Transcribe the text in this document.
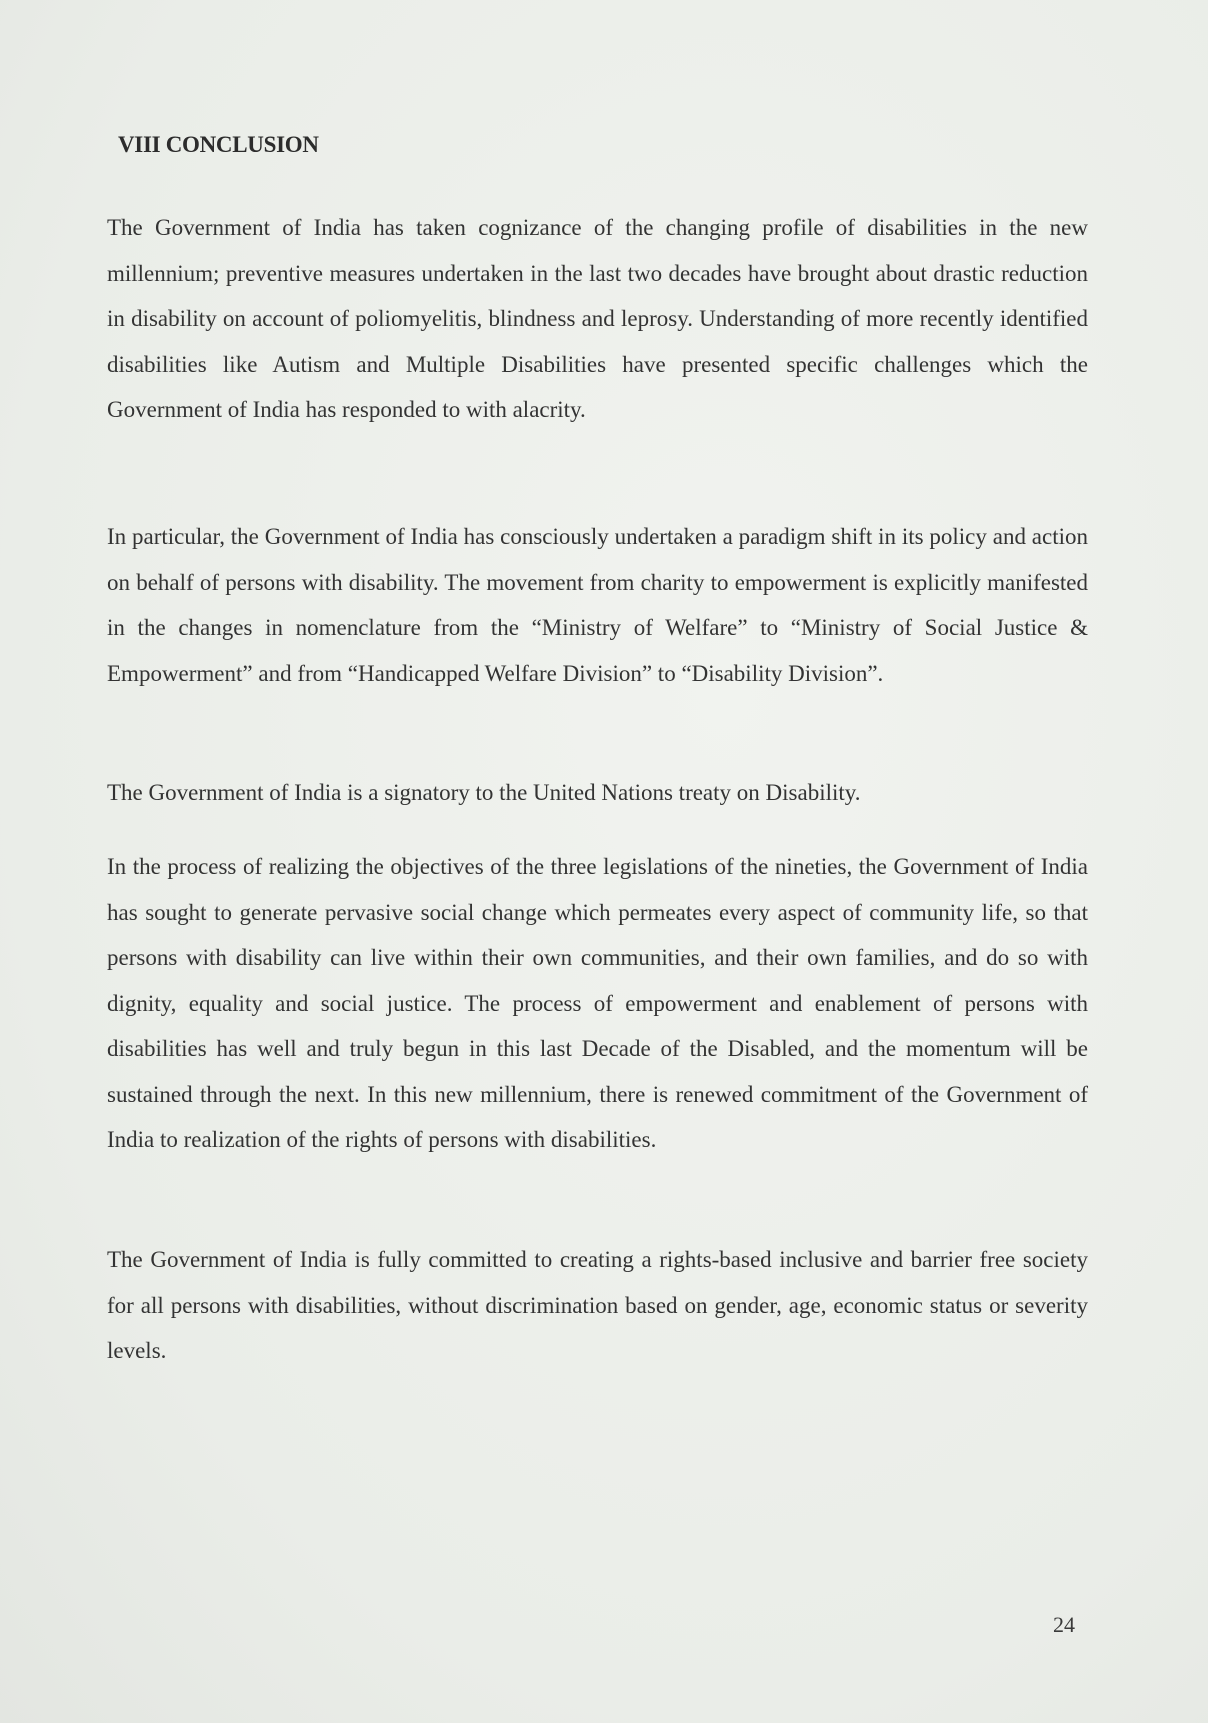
VIII CONCLUSION
The Government of India has taken cognizance of the changing profile of disabilities in the new millennium; preventive measures undertaken in the last two decades have brought about drastic reduction in disability on account of poliomyelitis, blindness and leprosy. Understanding of more recently identified disabilities like Autism and Multiple Disabilities have presented specific challenges which the Government of India has responded to with alacrity.
In particular, the Government of India has consciously undertaken a paradigm shift in its policy and action on behalf of persons with disability. The movement from charity to empowerment is explicitly manifested in the changes in nomenclature from the “Ministry of Welfare” to “Ministry of Social Justice & Empowerment” and from “Handicapped Welfare Division” to “Disability Division”.
The Government of India is a signatory to the United Nations treaty on Disability.
In the process of realizing the objectives of the three legislations of the nineties, the Government of India has sought to generate pervasive social change which permeates every aspect of community life, so that persons with disability can live within their own communities, and their own families, and do so with dignity, equality and social justice. The process of empowerment and enablement of persons with disabilities has well and truly begun in this last Decade of the Disabled, and the momentum will be sustained through the next. In this new millennium, there is renewed commitment of the Government of India to realization of the rights of persons with disabilities.
The Government of India is fully committed to creating a rights-based inclusive and barrier free society for all persons with disabilities, without discrimination based on gender, age, economic status or severity levels.
24
